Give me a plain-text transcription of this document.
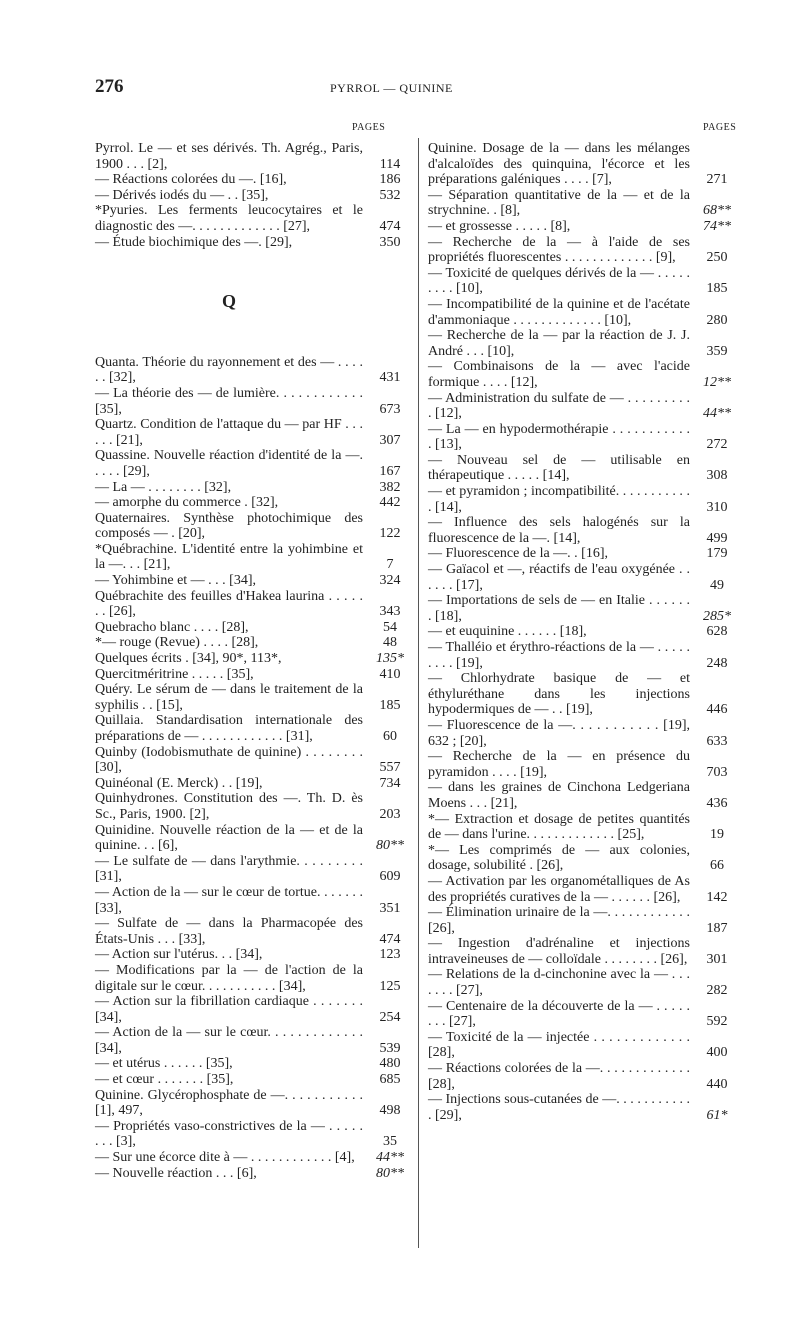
276	PYRROL — QUININE
PAGES	PAGES
Pyrrol. Le — et ses dérivés. Th. Agrég., Paris, 1900 . . . [2],	114
— Réactions colorées du —. [16],	186
— Dérivés iodés du — . . [35],	532
*Pyuries. Les ferments leucocytaires et le diagnostic des —. . . . . . . . . . . . . [27],	474
— Étude biochimique des —. [29],	350
Q
Quanta. Théorie du rayonnement et des — . . . . . . [32],	431
— La théorie des — de lumière. . . . . . . . . . . . [35],	673
Quartz. Condition de l'attaque du — par HF . . . . . . [21],	307
Quassine. Nouvelle réaction d'identité de la —. . . . . [29],	167
— La — . . . . . . . . [32],	382
— amorphe du commerce . [32],	442
Quaternaires. Synthèse photochimique des composés — . [20],	122
*Québrachine. L'identité entre la yohimbine et la —. . . [21],	7
— Yohimbine et — . . . [34],	324
Québrachite des feuilles d'Hakea laurina . . . . . . . [26],	343
Quebracho blanc . . . . [28],	54
*— rouge (Revue) . . . . [28],	48
Quelques écrits . [34], 90*, 113*,	135*
Quercitméritrine . . . . . [35],	410
Quéry. Le sérum de — dans le traitement de la syphilis . . [15],	185
Quillaia. Standardisation internationale des préparations de — . . . . . . . . . . . . [31],	60
Quinby (Iodobismuthate de quinine) . . . . . . . . [30],	557
Quinéonal (E. Merck) . . [19],	734
Quinhydrones. Constitution des —. Th. D. ès Sc., Paris, 1900. [2],	203
Quinidine. Nouvelle réaction de la — et de la quinine. . . [6],	80**
— Le sulfate de — dans l'arythmie. . . . . . . . . [31],	609
— Action de la — sur le cœur de tortue. . . . . . . [33],	351
— Sulfate de — dans la Pharmacopée des États-Unis . . . [33],	474
— Action sur l'utérus. . . [34],	123
— Modifications par la — de l'action de la digitale sur le cœur. . . . . . . . . . . [34],	125
— Action sur la fibrillation cardiaque . . . . . . . [34],	254
— Action de la — sur le cœur. . . . . . . . . . . . . [34],	539
— et utérus . . . . . . [35],	480
— et cœur . . . . . . . [35],	685
Quinine. Glycérophosphate de —. . . . . . . . . . . [1], 497,	498
— Propriétés vaso-constrictives de la — . . . . . . . . [3],	35
— Sur une écorce dite à — . . . . . . . . . . . . [4],	44**
— Nouvelle réaction . . . [6],	80**
Quinine. Dosage de la — dans les mélanges d'alcaloïdes des quinquina, l'écorce et les préparations galéniques . . . . [7],	271
— Séparation quantitative de la — et de la strychnine. . [8],	68**
— et grossesse . . . . . [8],	74**
— Recherche de la — à l'aide de ses propriétés fluorescentes . . . . . . . . . . . . . [9],	250
— Toxicité de quelques dérivés de la — . . . . . . . . . [10],	185
— Incompatibilité de la quinine et de l'acétate d'ammoniaque . . . . . . . . . . . . . [10],	280
— Recherche de la — par la réaction de J. J. André . . . [10],	359
— Combinaisons de la — avec l'acide formique . . . . [12],	12**
— Administration du sulfate de — . . . . . . . . . . [12],	44**
— La — en hypodermothérapie . . . . . . . . . . . . [13],	272
— Nouveau sel de — utilisable en thérapeutique . . . . . [14],	308
— et pyramidon ; incompatibilité. . . . . . . . . . . . [14],	310
— Influence des sels halogénés sur la fluorescence de la —. [14],	499
— Fluorescence de la —. . [16],	179
— Gaïacol et —, réactifs de l'eau oxygénée . . . . . . [17],	49
— Importations de sels de — en Italie . . . . . . . [18],	285*
— et euquinine . . . . . . [18],	628
— Thalléio et érythro-réactions de la — . . . . . . . . . [19],	248
— Chlorhydrate basique de — et éthyluréthane dans les injections hypodermiques de — . . [19],	446
— Fluorescence de la —. . . . . . . . . . . [19], 632 ; [20],	633
— Recherche de la — en présence du pyramidon . . . . [19],	703
— dans les graines de Cinchona Ledgeriana Moens . . . [21],	436
*— Extraction et dosage de petites quantités de — dans l'urine. . . . . . . . . . . . . [25],	19
*— Les comprimés de — aux colonies, dosage, solubilité . [26],	66
— Activation par les organométalliques de As des propriétés curatives de la — . . . . . . [26],	142
— Élimination urinaire de la —. . . . . . . . . . . . [26],	187
— Ingestion d'adrénaline et injections intraveineuses de — colloïdale . . . . . . . . [26],	301
— Relations de la d-cinchonine avec la — . . . . . . . [27],	282
— Centenaire de la découverte de la — . . . . . . . . [27],	592
— Toxicité de la — injectée . . . . . . . . . . . . . [28],	400
— Réactions colorées de la —. . . . . . . . . . . . . [28],	440
— Injections sous-cutanées de —. . . . . . . . . . . . [29],	61*
